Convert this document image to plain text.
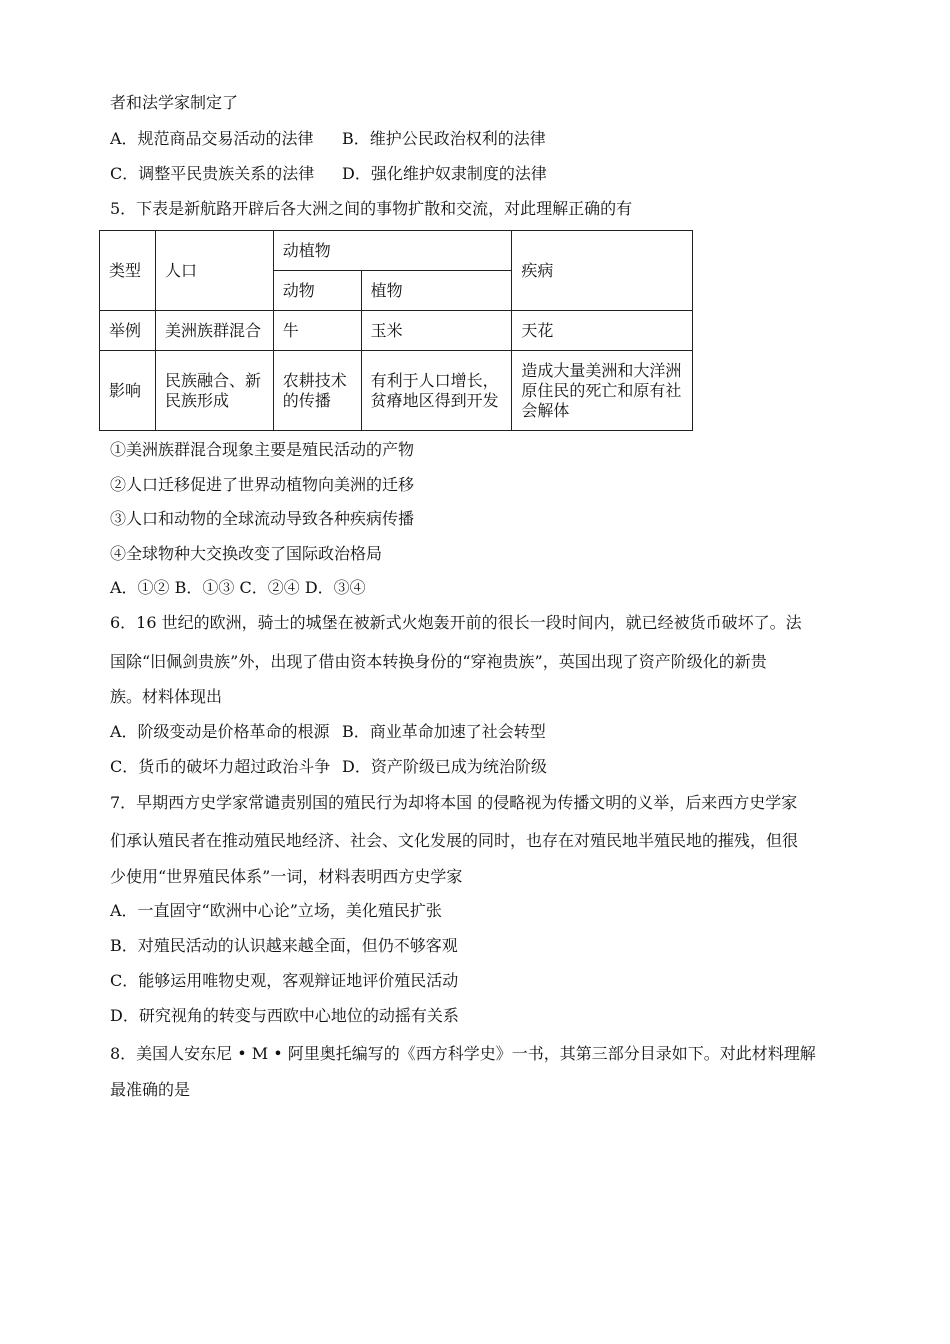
者和法学家制定了
A．规范商品交易活动的法律 B．维护公民政治权利的法律
C．调整平民贵族关系的法律 D．强化维护奴隶制度的法律
5．下表是新航路开辟后各大洲之间的事物扩散和交流，对此理解正确的有
类型	人口	动植物		疾病
		动物	植物	
举例	美洲族群混合	牛	玉米	天花
影响	民族融合、新民族形成	农耕技术的传播	有利于人口增长，贫瘠地区得到开发	造成大量美洲和大洋洲原住民的死亡和原有社会解体
①美洲族群混合现象主要是殖民活动的产物
②人口迁移促进了世界动植物向美洲的迁移
③人口和动物的全球流动导致各种疾病传播
④全球物种大交换改变了国际政治格局
A．①② B．①③ C．②④ D．③④
6．16 世纪的欧洲，骑士的城堡在被新式火炮轰开前的很长一段时间内，就已经被货币破坏了。法
国除“旧佩剑贵族”外，出现了借由资本转换身份的“穿袍贵族”，英国出现了资产阶级化的新贵
族。材料体现出
A．阶级变动是价格革命的根源 B．商业革命加速了社会转型
C．货币的破坏力超过政治斗争 D．资产阶级已成为统治阶级
7．早期西方史学家常谴责别国的殖民行为却将本国 的侵略视为传播文明的义举，后来西方史学家
们承认殖民者在推动殖民地经济、社会、文化发展的同时，也存在对殖民地半殖民地的摧残，但很
少使用“世界殖民体系”一词，材料表明西方史学家
A．一直固守“欧洲中心论”立场，美化殖民扩张
B．对殖民活动的认识越来越全面，但仍不够客观
C．能够运用唯物史观，客观辩证地评价殖民活动
D．研究视角的转变与西欧中心地位的动摇有关系
8．美国人安东尼 • M • 阿里奥托编写的《西方科学史》一书，其第三部分目录如下。对此材料理解
最准确的是
